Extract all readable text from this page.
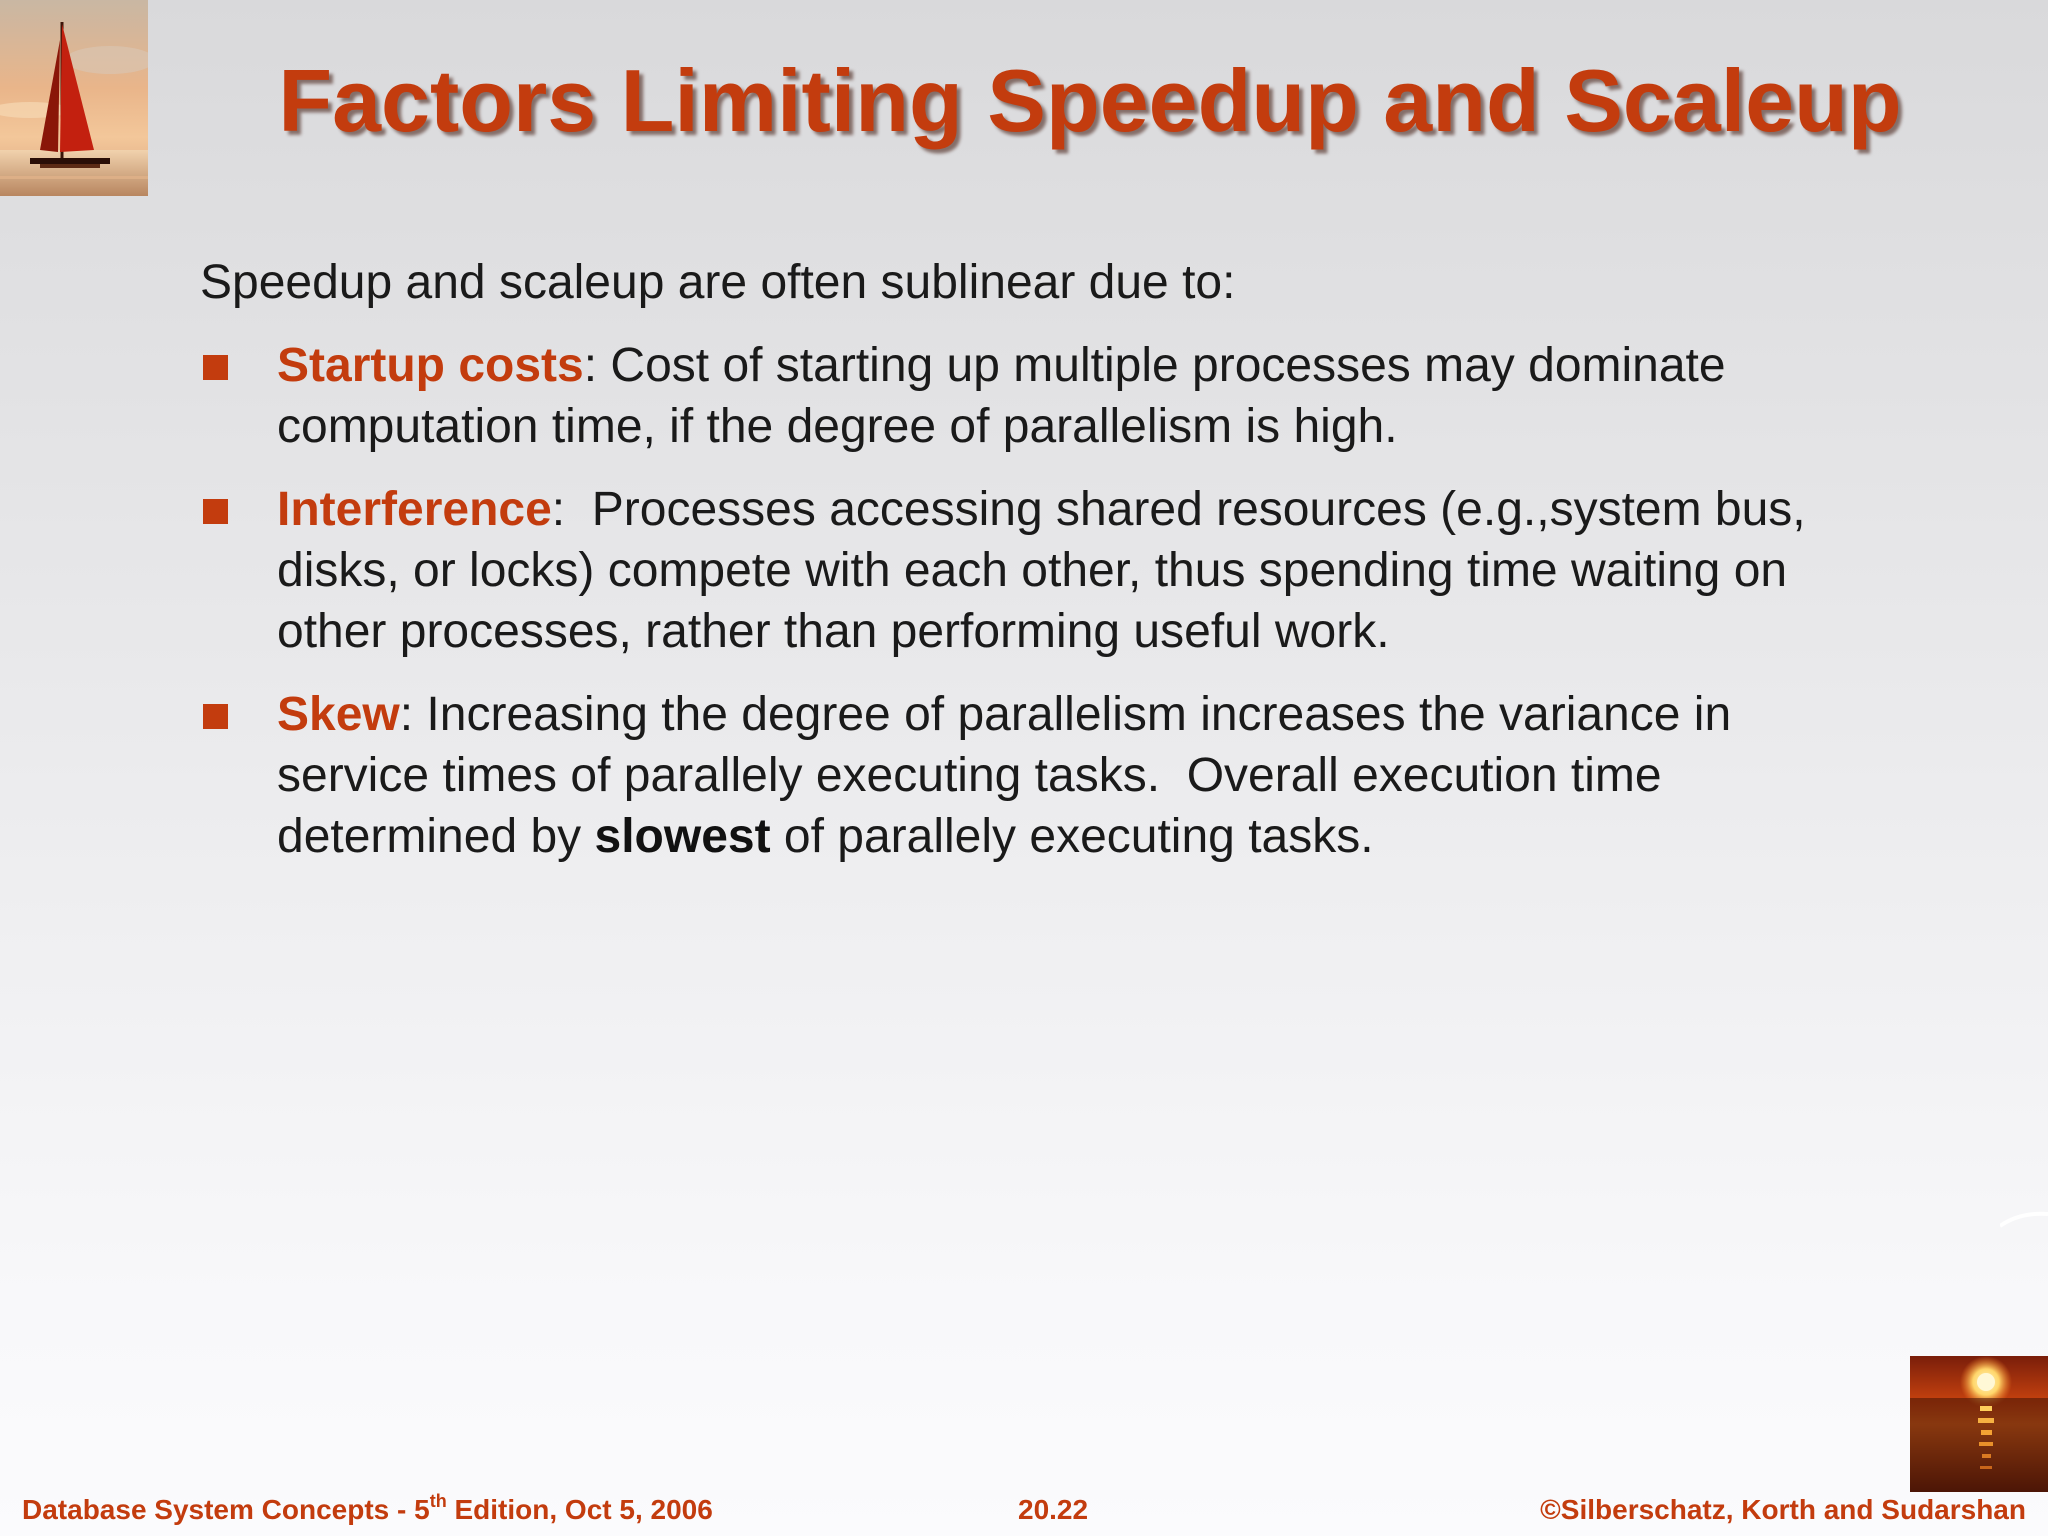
Factors Limiting Speedup and Scaleup
Speedup and scaleup are often sublinear due to:
Startup costs: Cost of starting up multiple processes may dominate computation time, if the degree of parallelism is high.
Interference:  Processes accessing shared resources (e.g.,system bus, disks, or locks) compete with each other, thus spending time waiting on other processes, rather than performing useful work.
Skew: Increasing the degree of parallelism increases the variance in service times of parallely executing tasks.  Overall execution time determined by slowest of parallely executing tasks.
Database System Concepts - 5th Edition, Oct 5, 2006	20.22	©Silberschatz, Korth and Sudarshan
